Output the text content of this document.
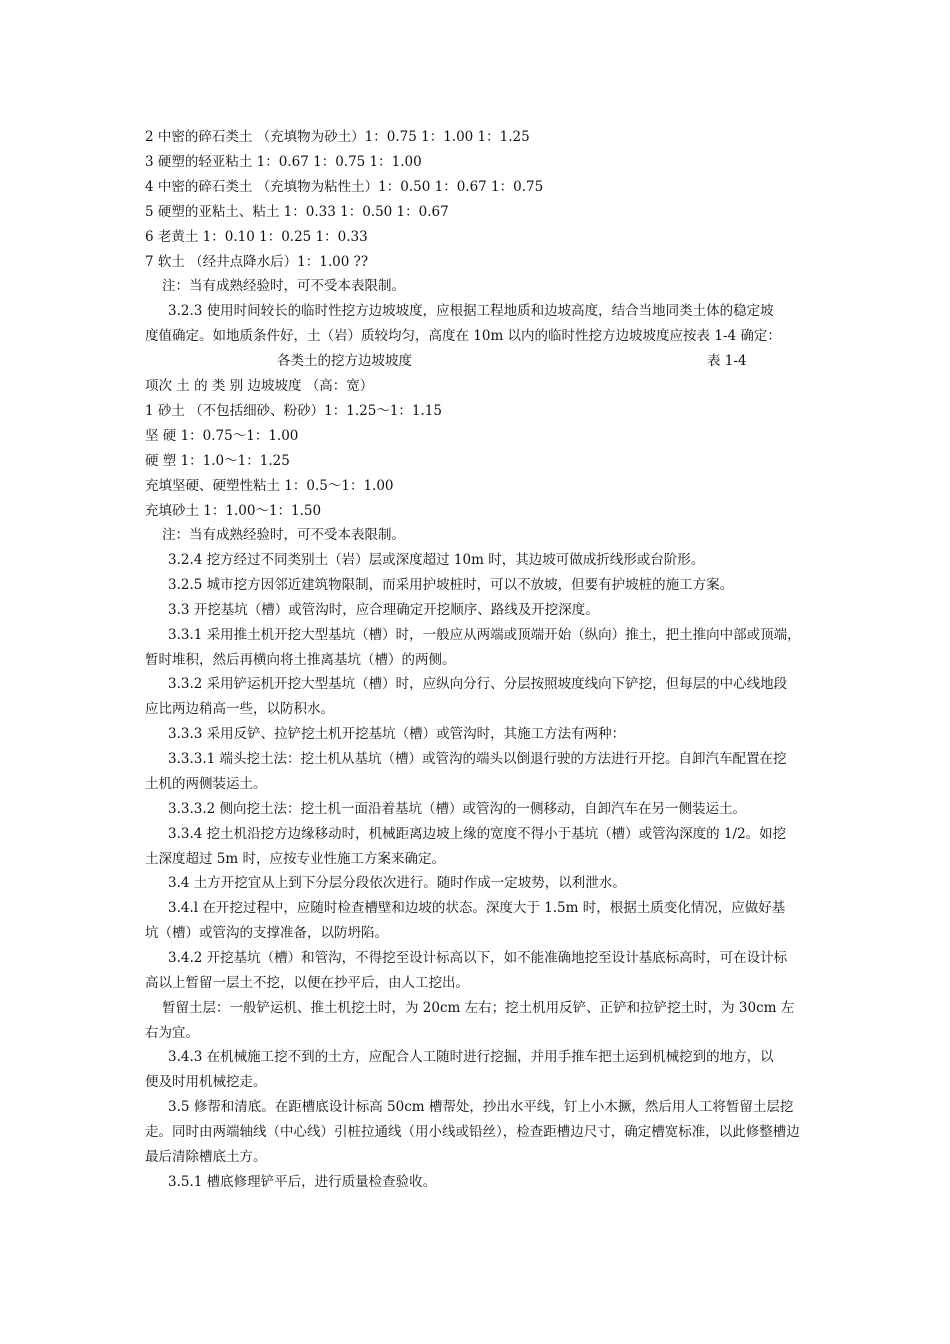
2 中密的碎石类土 （充填物为砂土）1：0.75 1：1.00 1：1.25
3 硬塑的轻亚粘土 1：0.67 1：0.75 1：1.00
4 中密的碎石类土 （充填物为粘性土）1：0.50 1：0.67 1：0.75
5 硬塑的亚粘土、粘土 1：0.33 1：0.50 1：0.67
6 老黄土 1：0.10 1：0.25 1：0.33
7 软土 （经井点降水后）1：1.00 ??
注：当有成熟经验时，可不受本表限制。
3.2.3 使用时间较长的临时性挖方边坡坡度，应根据工程地质和边坡高度，结合当地同类土体的稳定坡
度值确定。如地质条件好，土（岩）质较均匀，高度在 10m 以内的临时性挖方边坡坡度应按表 1-4 确定：
各类土的挖方边坡坡度	表 1-4
项次 土 的 类 别 边坡坡度 （高：宽）
1 砂土 （不包括细砂、粉砂）1：1.25～1：1.15
坚 硬 1：0.75～1：1.00
硬 塑 1：1.0～1：1.25
充填坚硬、硬塑性粘土 1：0.5～1：1.00
充填砂土 1：1.00～1：1.50
注：当有成熟经验时，可不受本表限制。
3.2.4 挖方经过不同类别土（岩）层或深度超过 10m 时，其边坡可做成折线形或台阶形。
3.2.5 城市挖方因邻近建筑物限制，而采用护坡桩时，可以不放坡，但要有护坡桩的施工方案。
3.3 开挖基坑（槽）或管沟时，应合理确定开挖顺序、路线及开挖深度。
3.3.1 采用推土机开挖大型基坑（槽）时，一般应从两端或顶端开始（纵向）推土，把土推向中部或顶端，
暂时堆积，然后再横向将土推离基坑（槽）的两侧。
3.3.2 采用铲运机开挖大型基坑（槽）时，应纵向分行、分层按照坡度线向下铲挖，但每层的中心线地段
应比两边稍高一些，以防积水。
3.3.3 采用反铲、拉铲挖土机开挖基坑（槽）或管沟时，其施工方法有两种：
3.3.3.1 端头挖土法：挖土机从基坑（槽）或管沟的端头以倒退行驶的方法进行开挖。自卸汽车配置在挖
土机的两侧装运土。
3.3.3.2 侧向挖土法：挖土机一面沿着基坑（槽）或管沟的一侧移动，自卸汽车在另一侧装运土。
3.3.4 挖土机沿挖方边缘移动时，机械距离边坡上缘的宽度不得小于基坑（槽）或管沟深度的 1/2。如挖
土深度超过 5m 时，应按专业性施工方案来确定。
3.4 土方开挖宜从上到下分层分段依次进行。随时作成一定坡势，以利泄水。
3.4.l 在开挖过程中，应随时检查槽壁和边坡的状态。深度大于 1.5m 时，根据土质变化情况，应做好基
坑（槽）或管沟的支撑准备，以防坍陷。
3.4.2 开挖基坑（槽）和管沟，不得挖至设计标高以下，如不能准确地挖至设计基底标高时，可在设计标
高以上暂留一层土不挖，以便在抄平后，由人工挖出。
暂留土层：一般铲运机、推土机挖土时，为 20cm 左右；挖土机用反铲、正铲和拉铲挖土时，为 30cm 左
右为宜。
3.4.3 在机械施工挖不到的土方，应配合人工随时进行挖掘，并用手推车把土运到机械挖到的地方，以
便及时用机械挖走。
3.5 修帮和清底。在距槽底设计标高 50cm 槽帮处，抄出水平线，钉上小木撅，然后用人工将暂留土层挖
走。同时由两端轴线（中心线）引桩拉通线（用小线或铅丝），检查距槽边尺寸，确定槽宽标准，以此修整槽边
最后清除槽底土方。
3.5.1 槽底修理铲平后，进行质量检查验收。
